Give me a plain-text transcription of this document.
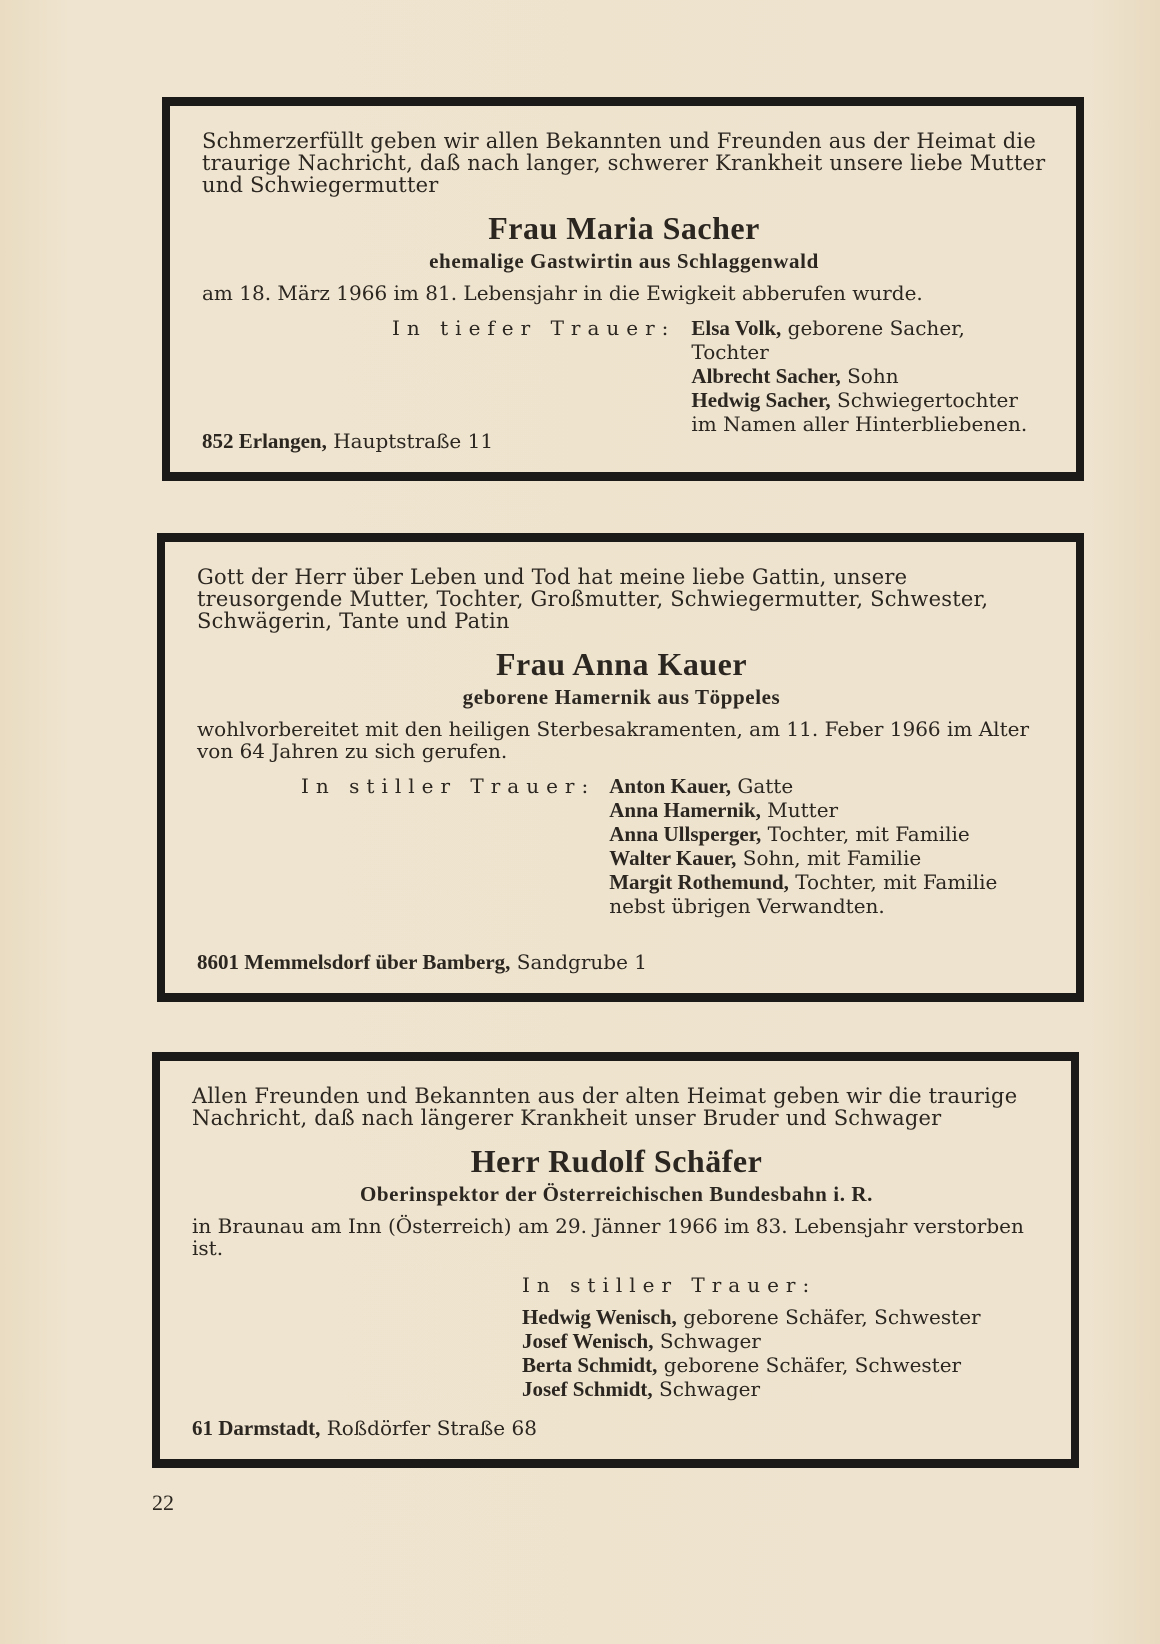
Schmerzerfüllt geben wir allen Bekannten und Freunden aus der Heimat die traurige Nachricht, daß nach langer, schwerer Krankheit unsere liebe Mutter und Schwiegermutter

Frau Maria Sacher
ehemalige Gastwirtin aus Schlaggenwald

am 18. März 1966 im 81. Lebensjahr in die Ewigkeit abberufen wurde.

In tiefer Trauer: Elsa Volk, geborene Sacher, Tochter
Albrecht Sacher, Sohn
Hedwig Sacher, Schwiegertochter
im Namen aller Hinterbliebenen.
852 Erlangen, Hauptstraße 11

Gott der Herr über Leben und Tod hat meine liebe Gattin, unsere treusorgende Mutter, Tochter, Großmutter, Schwiegermutter, Schwester, Schwägerin, Tante und Patin

Frau Anna Kauer
geborene Hamernik aus Töppeles

wohlvorbereitet mit den heiligen Sterbesakramenten, am 11. Feber 1966 im Alter von 64 Jahren zu sich gerufen.

In stiller Trauer: Anton Kauer, Gatte
Anna Hamernik, Mutter
Anna Ullsperger, Tochter, mit Familie
Walter Kauer, Sohn, mit Familie
Margit Rothemund, Tochter, mit Familie
nebst übrigen Verwandten.
8601 Memmelsdorf über Bamberg, Sandgrube 1

Allen Freunden und Bekannten aus der alten Heimat geben wir die traurige Nachricht, daß nach längerer Krankheit unser Bruder und Schwager

Herr Rudolf Schäfer
Oberinspektor der Österreichischen Bundesbahn i. R.

in Braunau am Inn (Österreich) am 29. Jänner 1966 im 83. Lebensjahr verstorben ist.

In stiller Trauer:
Hedwig Wenisch, geborene Schäfer, Schwester
Josef Wenisch, Schwager
Berta Schmidt, geborene Schäfer, Schwester
Josef Schmidt, Schwager
61 Darmstadt, Roßdörfer Straße 68
22
